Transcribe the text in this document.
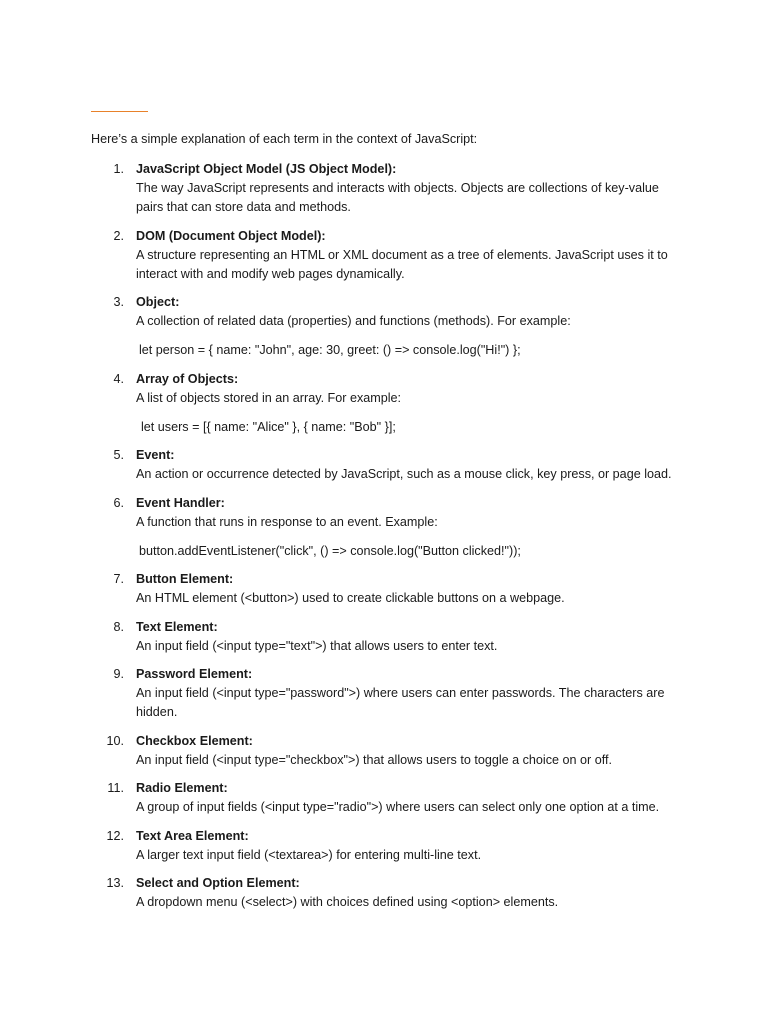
Here’s a simple explanation of each term in the context of JavaScript:
1. JavaScript Object Model (JS Object Model):
The way JavaScript represents and interacts with objects. Objects are collections of key-value pairs that can store data and methods.
2. DOM (Document Object Model):
A structure representing an HTML or XML document as a tree of elements. JavaScript uses it to interact with and modify web pages dynamically.
3. Object:
A collection of related data (properties) and functions (methods). For example:
let person = { name: "John", age: 30, greet: () => console.log("Hi!") };
4. Array of Objects:
A list of objects stored in an array. For example:
let users = [{ name: "Alice" }, { name: "Bob" }];
5. Event:
An action or occurrence detected by JavaScript, such as a mouse click, key press, or page load.
6. Event Handler:
A function that runs in response to an event. Example:
button.addEventListener("click", () => console.log("Button clicked!"));
7. Button Element:
An HTML element (<button>) used to create clickable buttons on a webpage.
8. Text Element:
An input field (<input type="text">) that allows users to enter text.
9. Password Element:
An input field (<input type="password">) where users can enter passwords. The characters are hidden.
10. Checkbox Element:
An input field (<input type="checkbox">) that allows users to toggle a choice on or off.
11. Radio Element:
A group of input fields (<input type="radio">) where users can select only one option at a time.
12. Text Area Element:
A larger text input field (<textarea>) for entering multi-line text.
13. Select and Option Element:
A dropdown menu (<select>) with choices defined using <option> elements.
